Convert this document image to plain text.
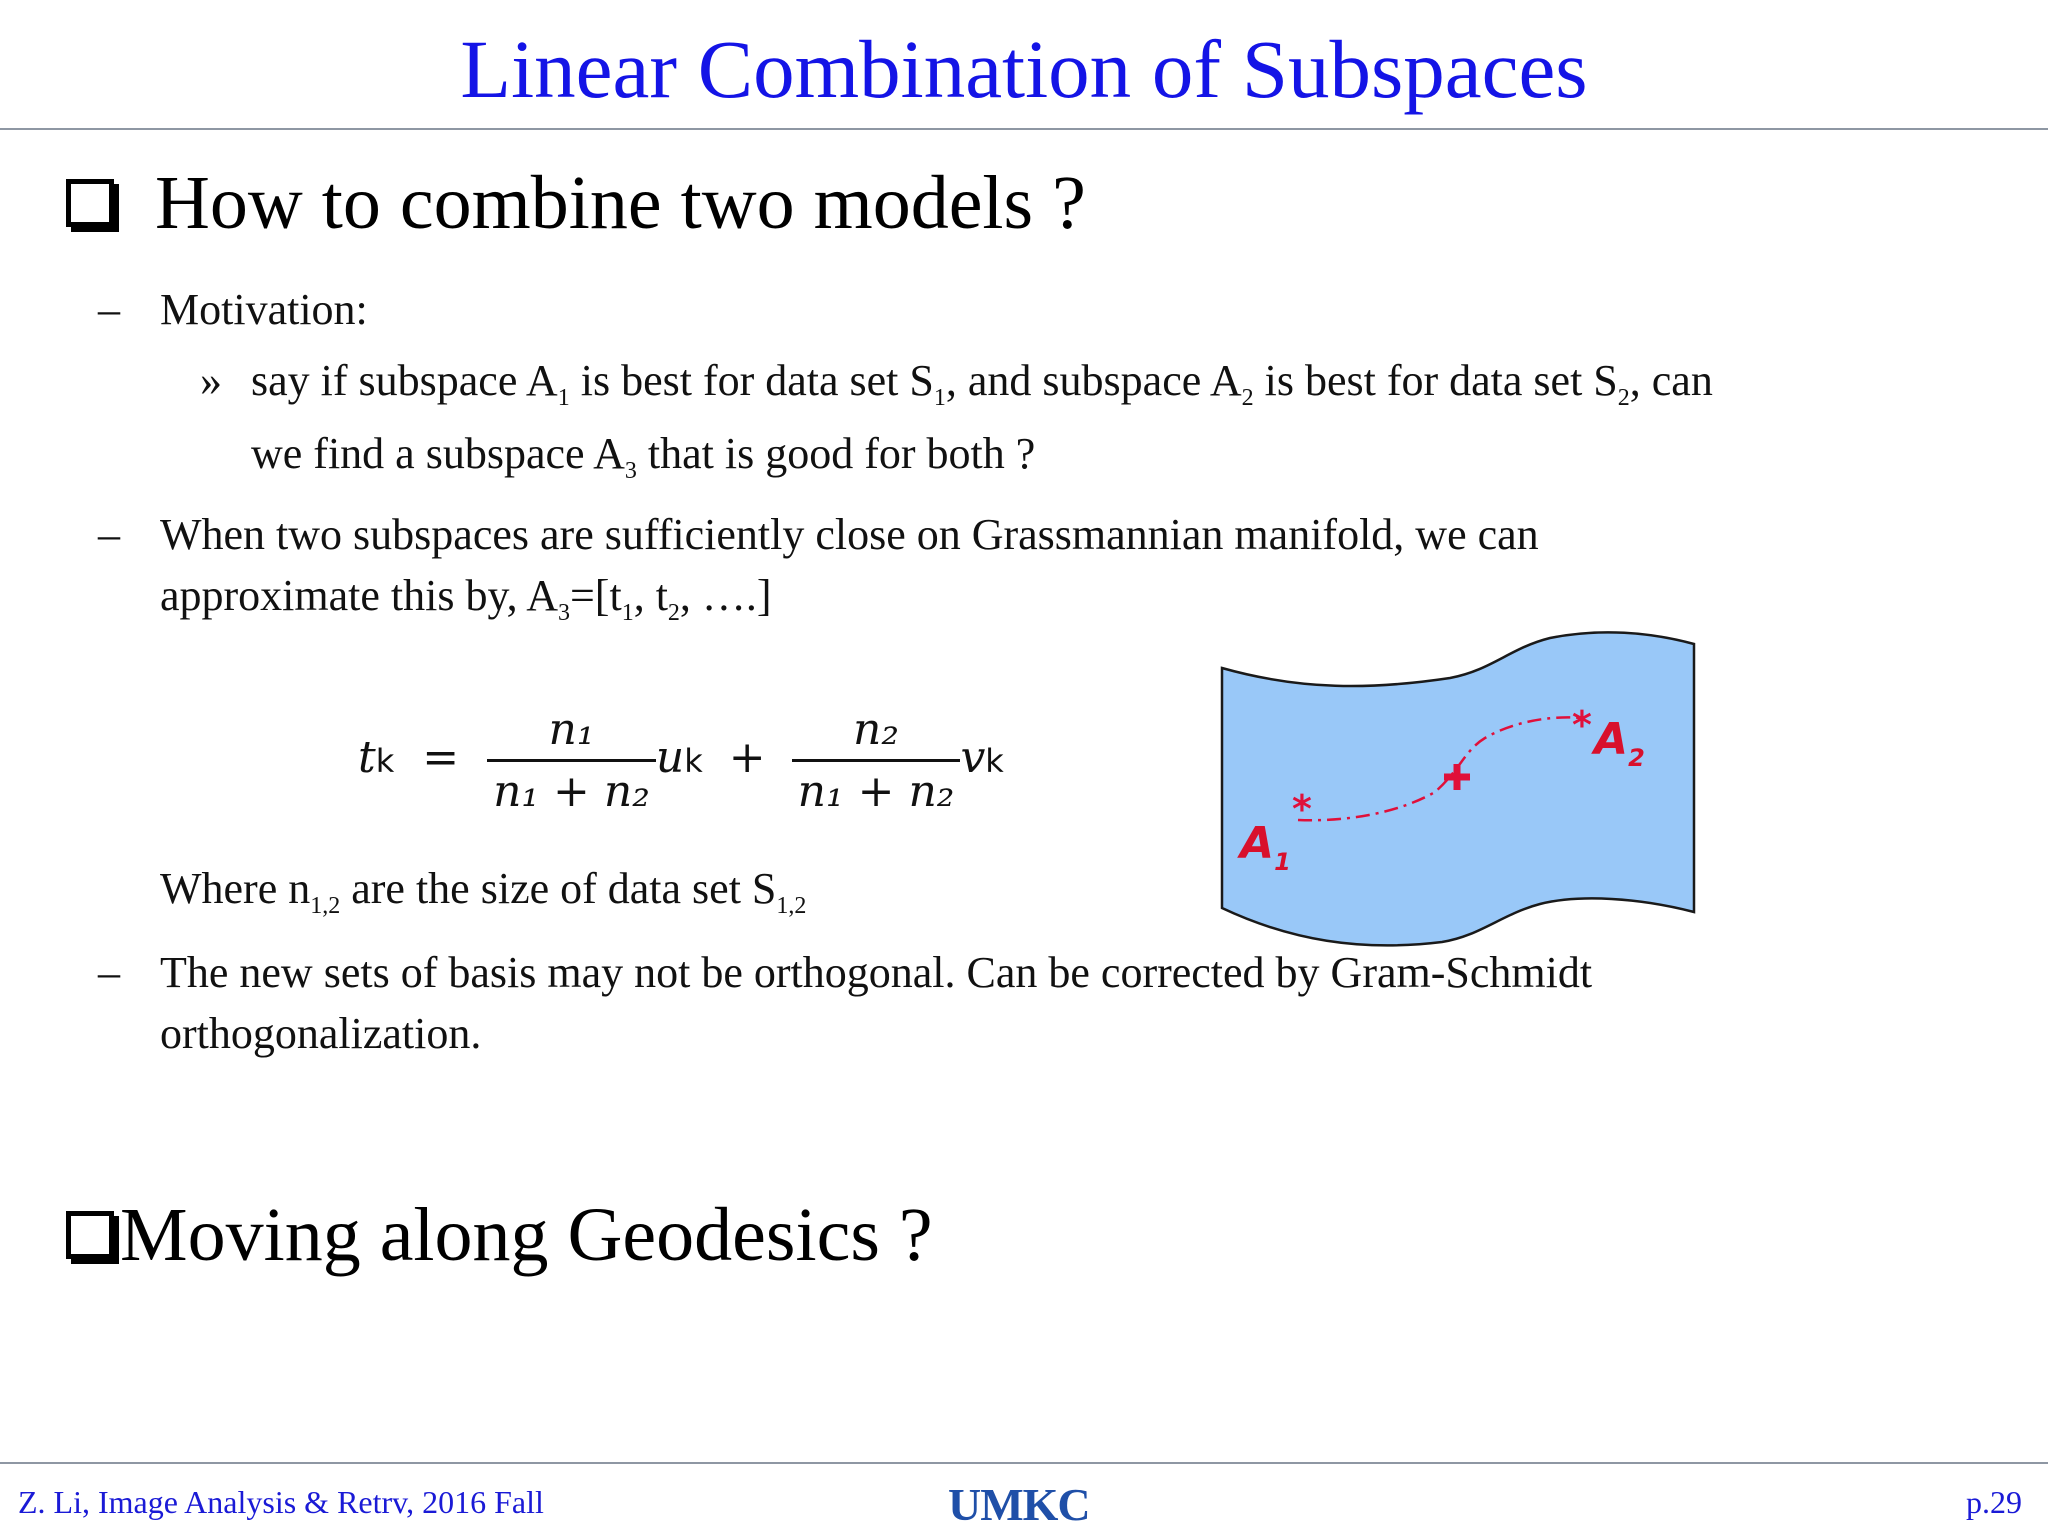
Linear Combination of Subspaces
How to combine two models ?
– Motivation:
» say if subspace $A_1$ is best for data set $S_1$, and subspace $A_2$ is best for data set $S_2$, can
we find a subspace $A_3$ that is good for both ?
– When two subspaces are sufficiently close on Grassmannian manifold, we can
approximate this by, $A_3=[t_1$, $t_2$, ….]
tk = $\frac{\text{n₁}}{\text{n₁ + n₂}}$ uk + $\frac{\text{n₂}}{\text{n₁ + n₂}}$ vk
Where $n_{1,2}$ are the size of data set $S_{1,2}$
– The new sets of basis may not be orthogonal. Can be corrected by Gram-Schmidt
orthogonalization.
*
*
$A_1$
$A_2$
Moving along Geodesics ?
Z. Li, Image Analysis & Retrv, 2016 Fall	UMKC	p.29
